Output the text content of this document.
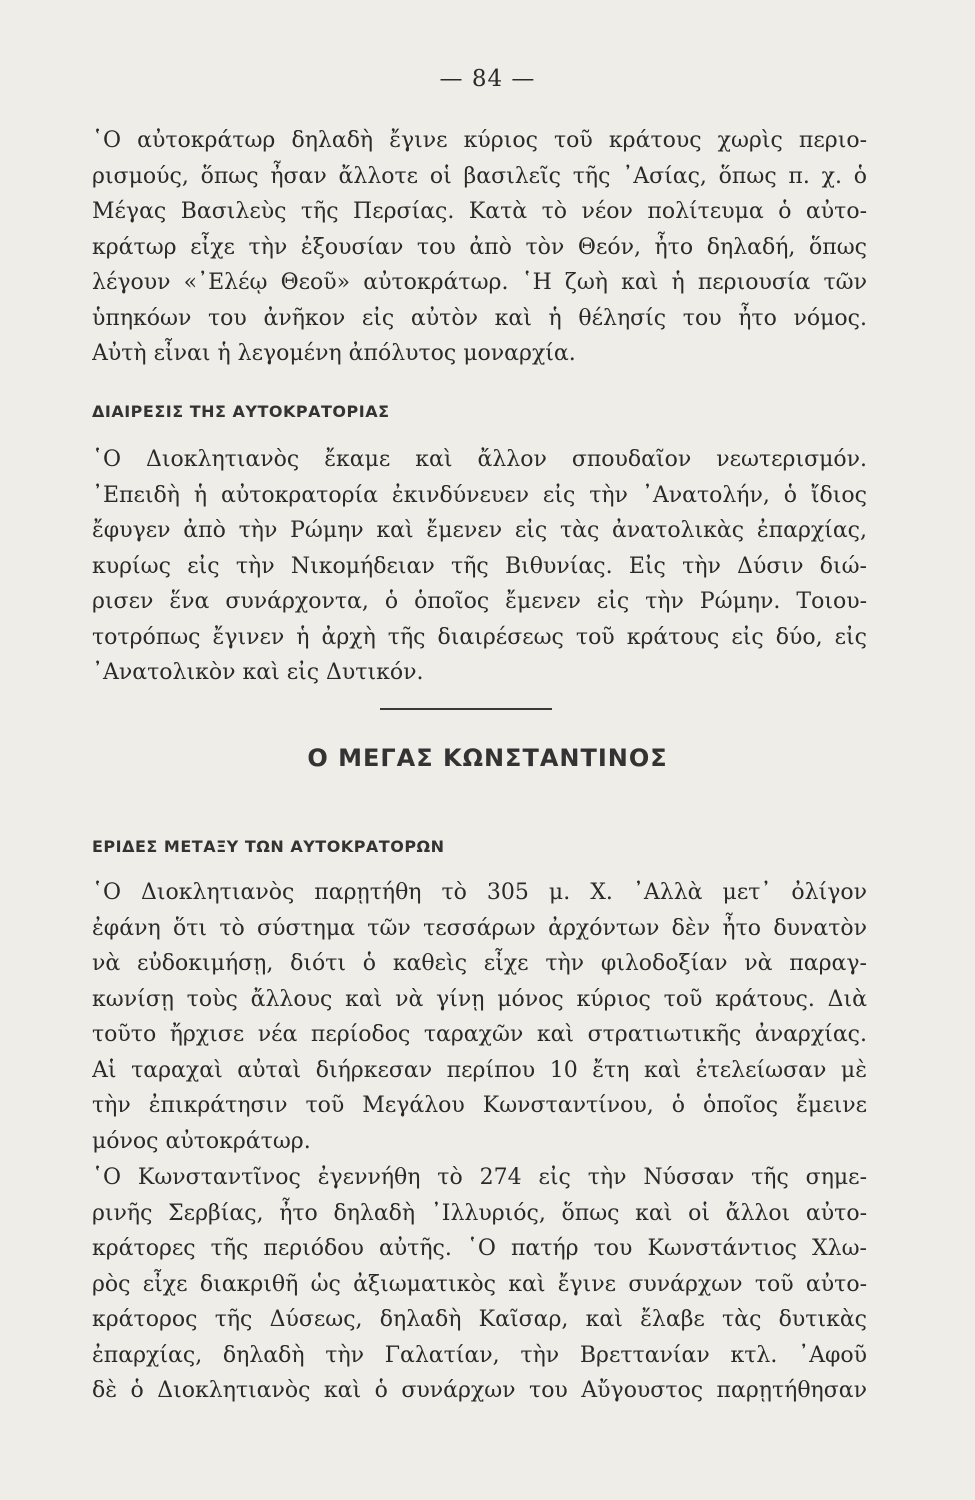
— 84 —
῾Ο αὐτοκράτωρ δηλαδὴ ἔγινε κύριος τοῦ κράτους χωρὶς περιο-
ρισμούς, ὅπως ἦσαν ἄλλοτε οἱ βασιλεῖς τῆς ᾿Ασίας, ὅπως π. χ. ὁ
Μέγας Βασιλεὺς τῆς Περσίας. Κατὰ τὸ νέον πολίτευμα ὁ αὐτο-
κράτωρ εἶχε τὴν ἐξουσίαν του ἀπὸ τὸν Θεόν, ἦτο δηλαδή, ὅπως
λέγουν «᾿Ελέῳ Θεοῦ» αὐτοκράτωρ. ῾Η ζωὴ καὶ ἡ περιουσία τῶν
ὑπηκόων του ἀνῆκον εἰς αὐτὸν καὶ ἡ θέλησίς του ἦτο νόμος.
Αὐτὴ εἶναι ἡ λεγομένη ἀπόλυτος μοναρχία.
ΔΙΑΙΡΕΣΙΣ ΤΗΣ ΑΥΤΟΚΡΑΤΟΡΙΑΣ
῾Ο Διοκλητιανὸς ἔκαμε καὶ ἄλλον σπουδαῖον νεωτερισμόν.
᾿Επειδὴ ἡ αὐτοκρατορία ἐκινδύνευεν εἰς τὴν ᾿Ανατολήν, ὁ ἴδιος
ἔφυγεν ἀπὸ τὴν Ρώμην καὶ ἔμενεν εἰς τὰς ἀνατολικὰς ἐπαρχίας,
κυρίως εἰς τὴν Νικομήδειαν τῆς Βιθυνίας. Εἰς τὴν Δύσιν διώ-
ρισεν ἕνα συνάρχοντα, ὁ ὁποῖος ἔμενεν εἰς τὴν Ρώμην. Τοιου-
τοτρόπως ἔγινεν ἡ ἀρχὴ τῆς διαιρέσεως τοῦ κράτους εἰς δύο, εἰς
᾿Ανατολικὸν καὶ εἰς Δυτικόν.
Ο ΜΕΓΑΣ ΚΩΝΣΤΑΝΤΙΝΟΣ
ΕΡΙΔΕΣ ΜΕΤΑΞΥ ΤΩΝ ΑΥΤΟΚΡΑΤΟΡΩΝ
῾Ο Διοκλητιανὸς παρῃτήθη τὸ 305 μ. Χ. ᾿Αλλὰ μετ᾿ ὀλίγον
ἐφάνη ὅτι τὸ σύστημα τῶν τεσσάρων ἀρχόντων δὲν ἦτο δυνατὸν
νὰ εὐδοκιμήσῃ, διότι ὁ καθεὶς εἶχε τὴν φιλοδοξίαν νὰ παραγ-
κωνίσῃ τοὺς ἄλλους καὶ νὰ γίνῃ μόνος κύριος τοῦ κράτους. Διὰ
τοῦτο ἤρχισε νέα περίοδος ταραχῶν καὶ στρατιωτικῆς ἀναρχίας.
Αἱ ταραχαὶ αὐταὶ διήρκεσαν περίπου 10 ἔτη καὶ ἐτελείωσαν μὲ
τὴν ἐπικράτησιν τοῦ Μεγάλου Κωνσταντίνου, ὁ ὁποῖος ἔμεινε
μόνος αὐτοκράτωρ.
῾Ο Κωνσταντῖνος ἐγεννήθη τὸ 274 εἰς τὴν Νύσσαν τῆς σημε-
ρινῆς Σερβίας, ἦτο δηλαδὴ ᾿Ιλλυριός, ὅπως καὶ οἱ ἄλλοι αὐτο-
κράτορες τῆς περιόδου αὐτῆς. ῾Ο πατήρ του Κωνστάντιος Χλω-
ρὸς εἶχε διακριθῆ ὡς ἀξιωματικὸς καὶ ἔγινε συνάρχων τοῦ αὐτο-
κράτορος τῆς Δύσεως, δηλαδὴ Καῖσαρ, καὶ ἔλαβε τὰς δυτικὰς
ἐπαρχίας, δηλαδὴ τὴν Γαλατίαν, τὴν Βρεττανίαν κτλ. ᾿Αφοῦ
δὲ ὁ Διοκλητιανὸς καὶ ὁ συνάρχων του Αὔγουστος παρῃτήθησαν
